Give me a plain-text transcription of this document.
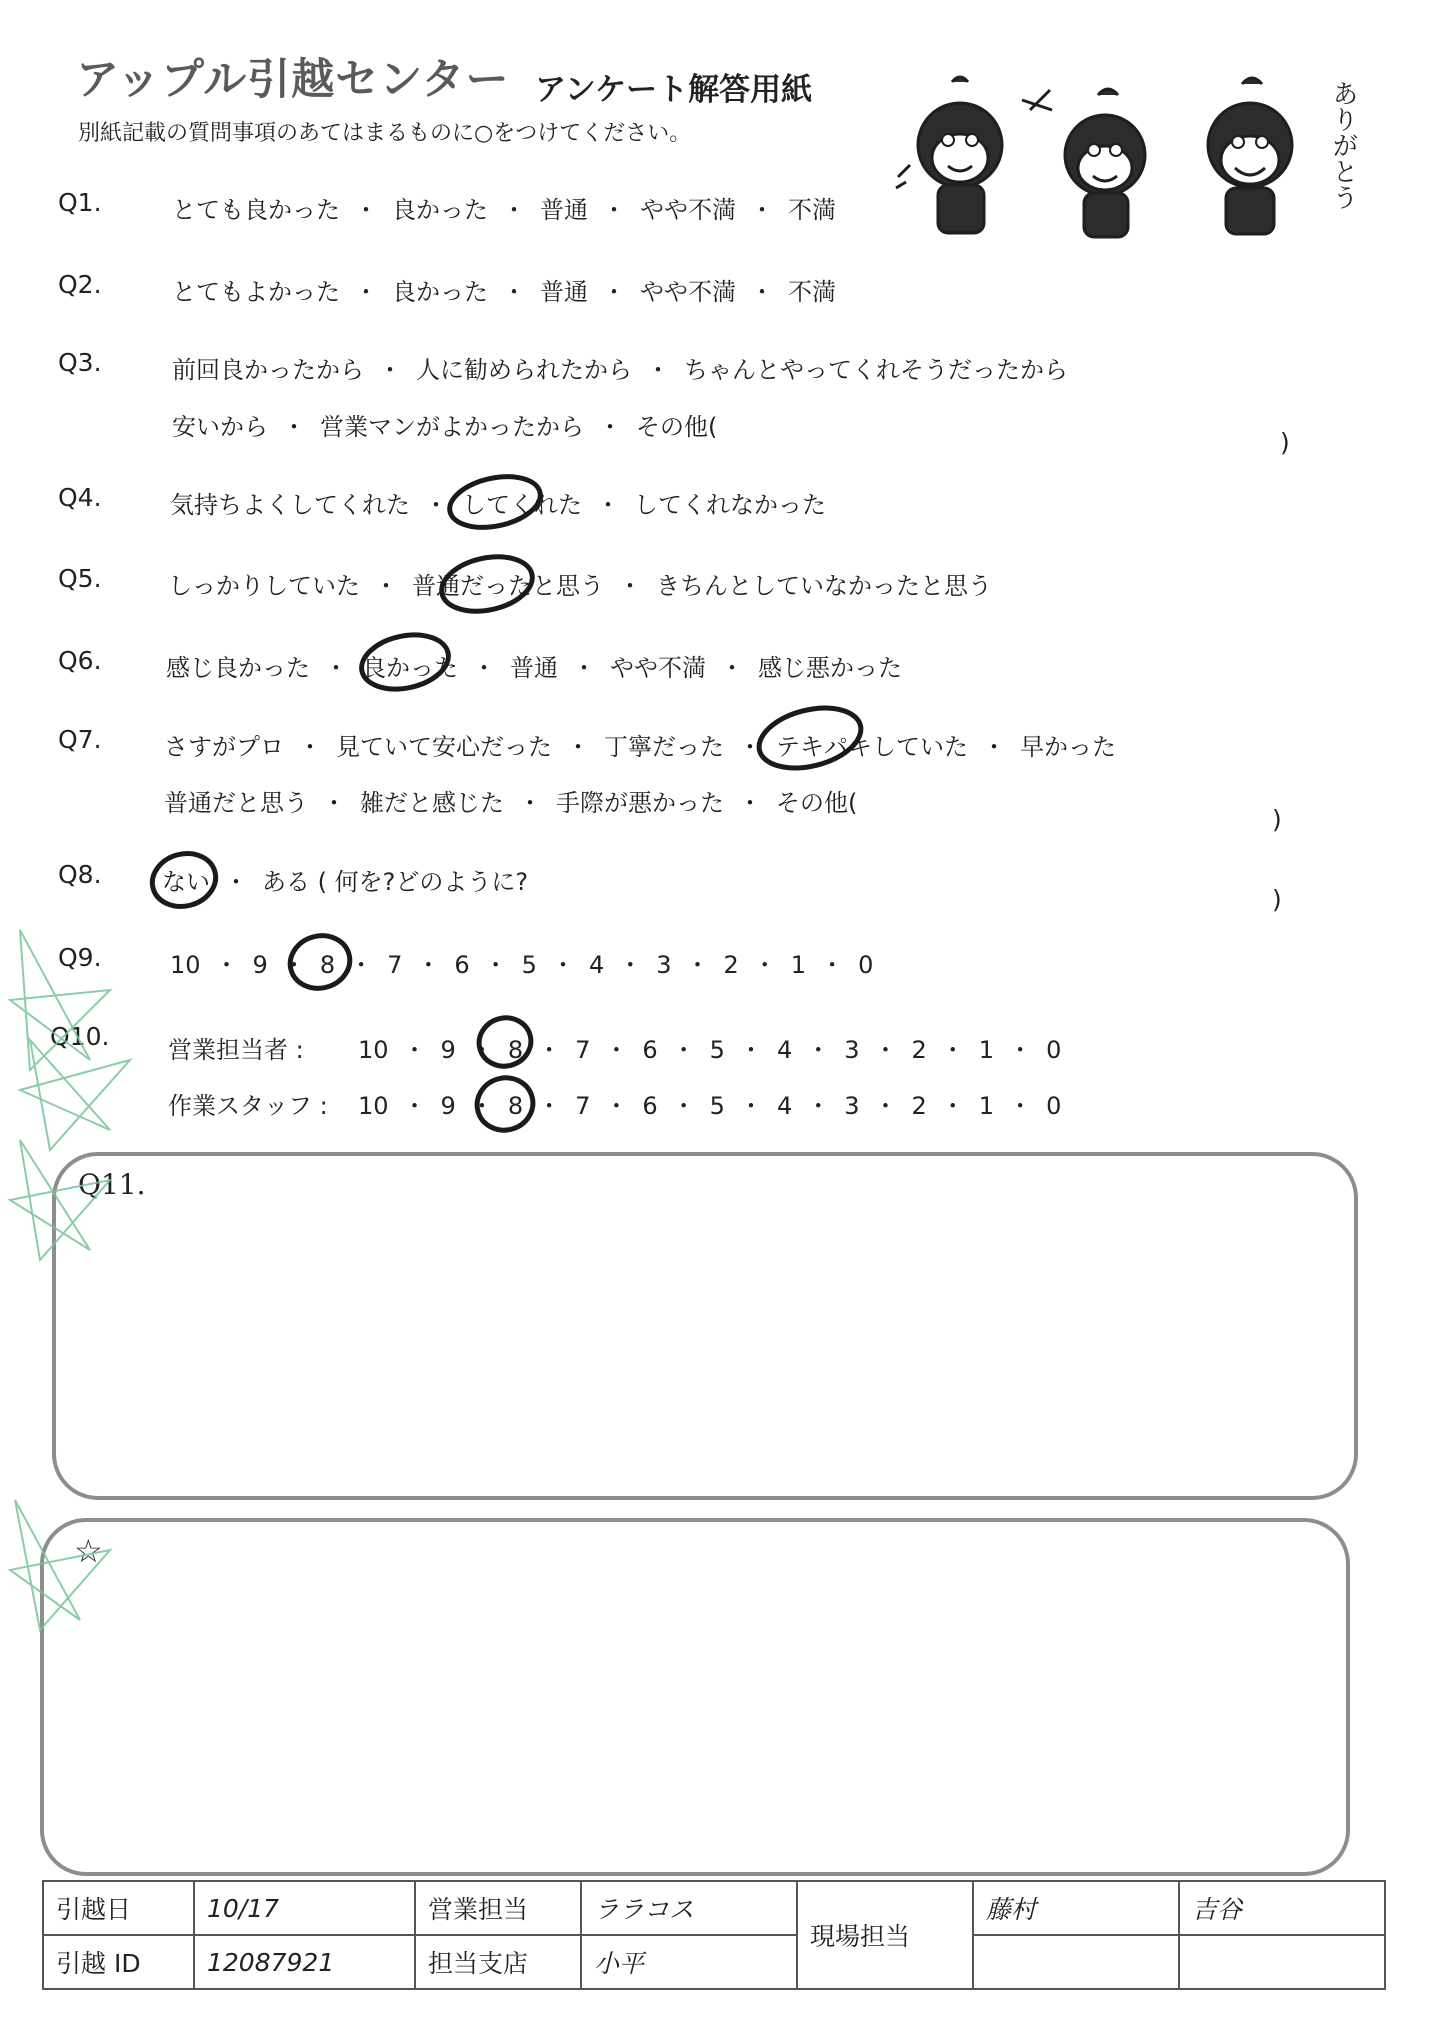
アップル引越センター アンケート解答用紙
別紙記載の質問事項のあてはまるものに○をつけてください。	ありがとう
Q1.	とても良かった ・ 良かった ・ 普通 ・ やや不満 ・ 不満
Q2.	とてもよかった ・ 良かった ・ 普通 ・ やや不満 ・ 不満
Q3.	前回良かったから ・ 人に勧められたから ・ ちゃんとやってくれそうだったから
安いから ・ 営業マンがよかったから ・ その他(
)
Q4.	気持ちよくしてくれた ・ してくれた ・ してくれなかった
Q5.	しっかりしていた ・ 普通だったと思う ・ きちんとしていなかったと思う
Q6.	感じ良かった ・ 良かった ・ 普通 ・ やや不満 ・ 感じ悪かった
Q7.	さすがプロ ・ 見ていて安心だった ・ 丁寧だった ・ テキパキしていた ・ 早かった
普通だと思う ・ 雑だと感じた ・ 手際が悪かった ・ その他(
)
Q8.	ない ・ ある ( 何を?どのように?
)
Q9.	10 ・ 9 ・ 8 ・ 7 ・ 6 ・ 5 ・ 4 ・ 3 ・ 2 ・ 1 ・ 0
Q10. 営業担当者 : 10 ・ 9 ・ 8 ・ 7 ・ 6 ・ 5 ・ 4 ・ 3 ・ 2 ・ 1 ・ 0
作業スタッフ : 10 ・ 9 ・ 8 ・ 7 ・ 6 ・ 5 ・ 4 ・ 3 ・ 2 ・ 1 ・ 0
Q11.
☆
引越日	10/17	営業担当	ララコス	現場担当	藤村	吉谷
引越 ID	12087921	担当支店	小平			
